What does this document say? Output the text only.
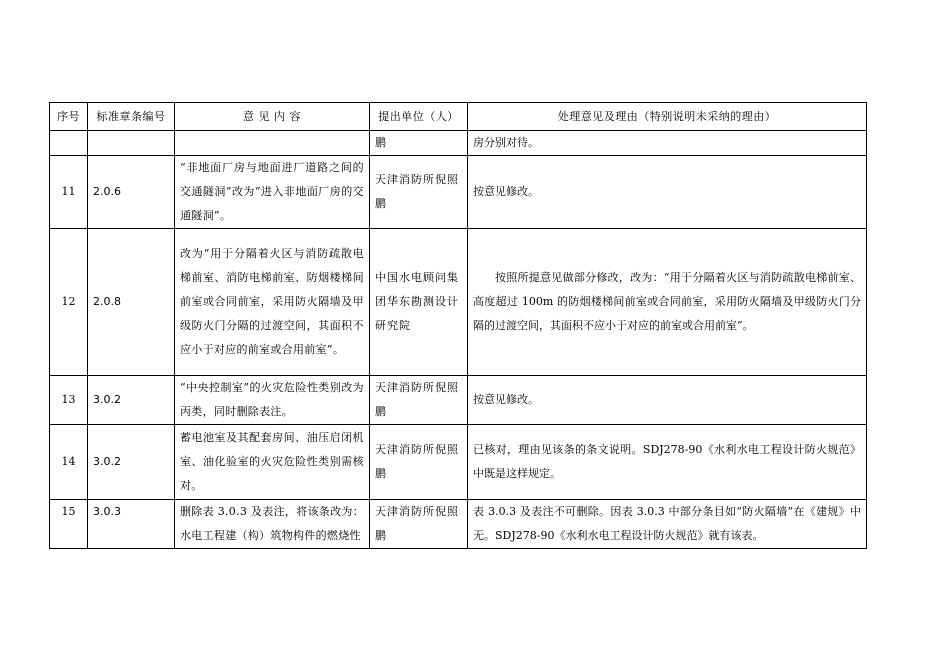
序号	标准章条编号	意 见 内 容	提出单位（人）	处理意见及理由（特别说明未采纳的理由）
			鹏	房分别对待。
11	2.0.6	“非地面厂房与地面进厂道路之间的交通隧洞”改为“进入非地面厂房的交通隧洞”。	天津消防所倪照鹏	按意见修改。
12	2.0.8	改为“用于分隔着火区与消防疏散电梯前室、消防电梯前室、防烟楼梯间前室或合同前室，采用防火隔墙及甲级防火门分隔的过渡空间，其面积不应小于对应的前室或合用前室”。	中国水电顾问集团华东勘测设计研究院	按照所提意见做部分修改，改为：“用于分隔着火区与消防疏散电梯前室、高度超过 100m 的防烟楼梯间前室或合同前室，采用防火隔墙及甲级防火门分隔的过渡空间，其面积不应小于对应的前室或合用前室”。

13	3.0.2	“中央控制室”的火灾危险性类别改为丙类，同时删除表注。	天津消防所倪照鹏	按意见修改。
14	3.0.2	蓄电池室及其配套房间、油压启闭机室、油化验室的火灾危险性类别需核对。	天津消防所倪照鹏	已核对，理由见该条的条文说明。SDJ278-90《水利水电工程设计防火规范》中既是这样规定。
15	3.0.3	删除表 3.0.3 及表注，将该条改为：水电工程建（构）筑物构件的燃烧性	天津消防所倪照鹏	表 3.0.3 及表注不可删除。因表 3.0.3 中部分条目如“防火隔墙”在《建规》中无。SDJ278-90《水利水电工程设计防火规范》就有该表。
